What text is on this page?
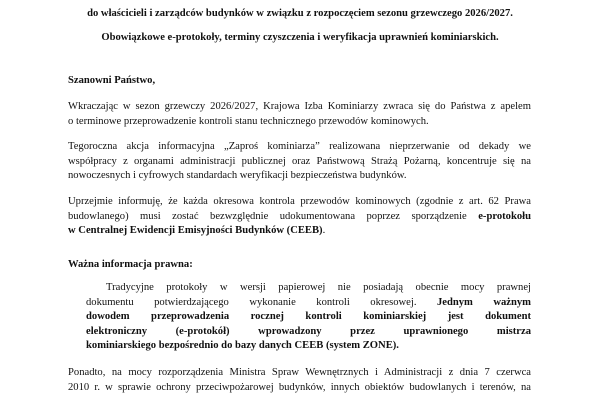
do właścicieli i zarządców budynków w związku z rozpoczęciem sezonu grzewczego 2026/2027.
Obowiązkowe e-protokoły, terminy czyszczenia i weryfikacja uprawnień kominiarskich.
Szanowni Państwo,
Wkraczając w sezon grzewczy 2026/2027, Krajowa Izba Kominiarzy zwraca się do Państwa z apelem
o terminowe przeprowadzenie kontroli stanu technicznego przewodów kominowych.
Tegoroczna akcja informacyjna „Zaproś kominiarza” realizowana nieprzerwanie od dekady we
współpracy z organami administracji publicznej oraz Państwową Strażą Pożarną, koncentruje się na
nowoczesnych i cyfrowych standardach weryfikacji bezpieczeństwa budynków.
Uprzejmie informuję, że każda okresowa kontrola przewodów kominowych (zgodnie z art. 62 Prawa
budowlanego) musi zostać bezwzględnie udokumentowana poprzez sporządzenie e-protokołu
w Centralnej Ewidencji Emisyjności Budynków (CEEB).
Ważna informacja prawna:
Tradycyjne protokoły w wersji papierowej nie posiadają obecnie mocy prawnej
dokumentu potwierdzającego wykonanie kontroli okresowej. Jednym ważnym
dowodem przeprowadzenia rocznej kontroli kominiarskiej jest dokument
elektroniczny (e-protokół) wprowadzony przez uprawnionego mistrza
kominiarskiego bezpośrednio do bazy danych CEEB (system ZONE).
Ponadto, na mocy rozporządzenia Ministra Spraw Wewnętrznych i Administracji z dnia 7 czerwca
2010 r. w sprawie ochrony przeciwpożarowej budynków, innych obiektów budowlanych i terenów, na
